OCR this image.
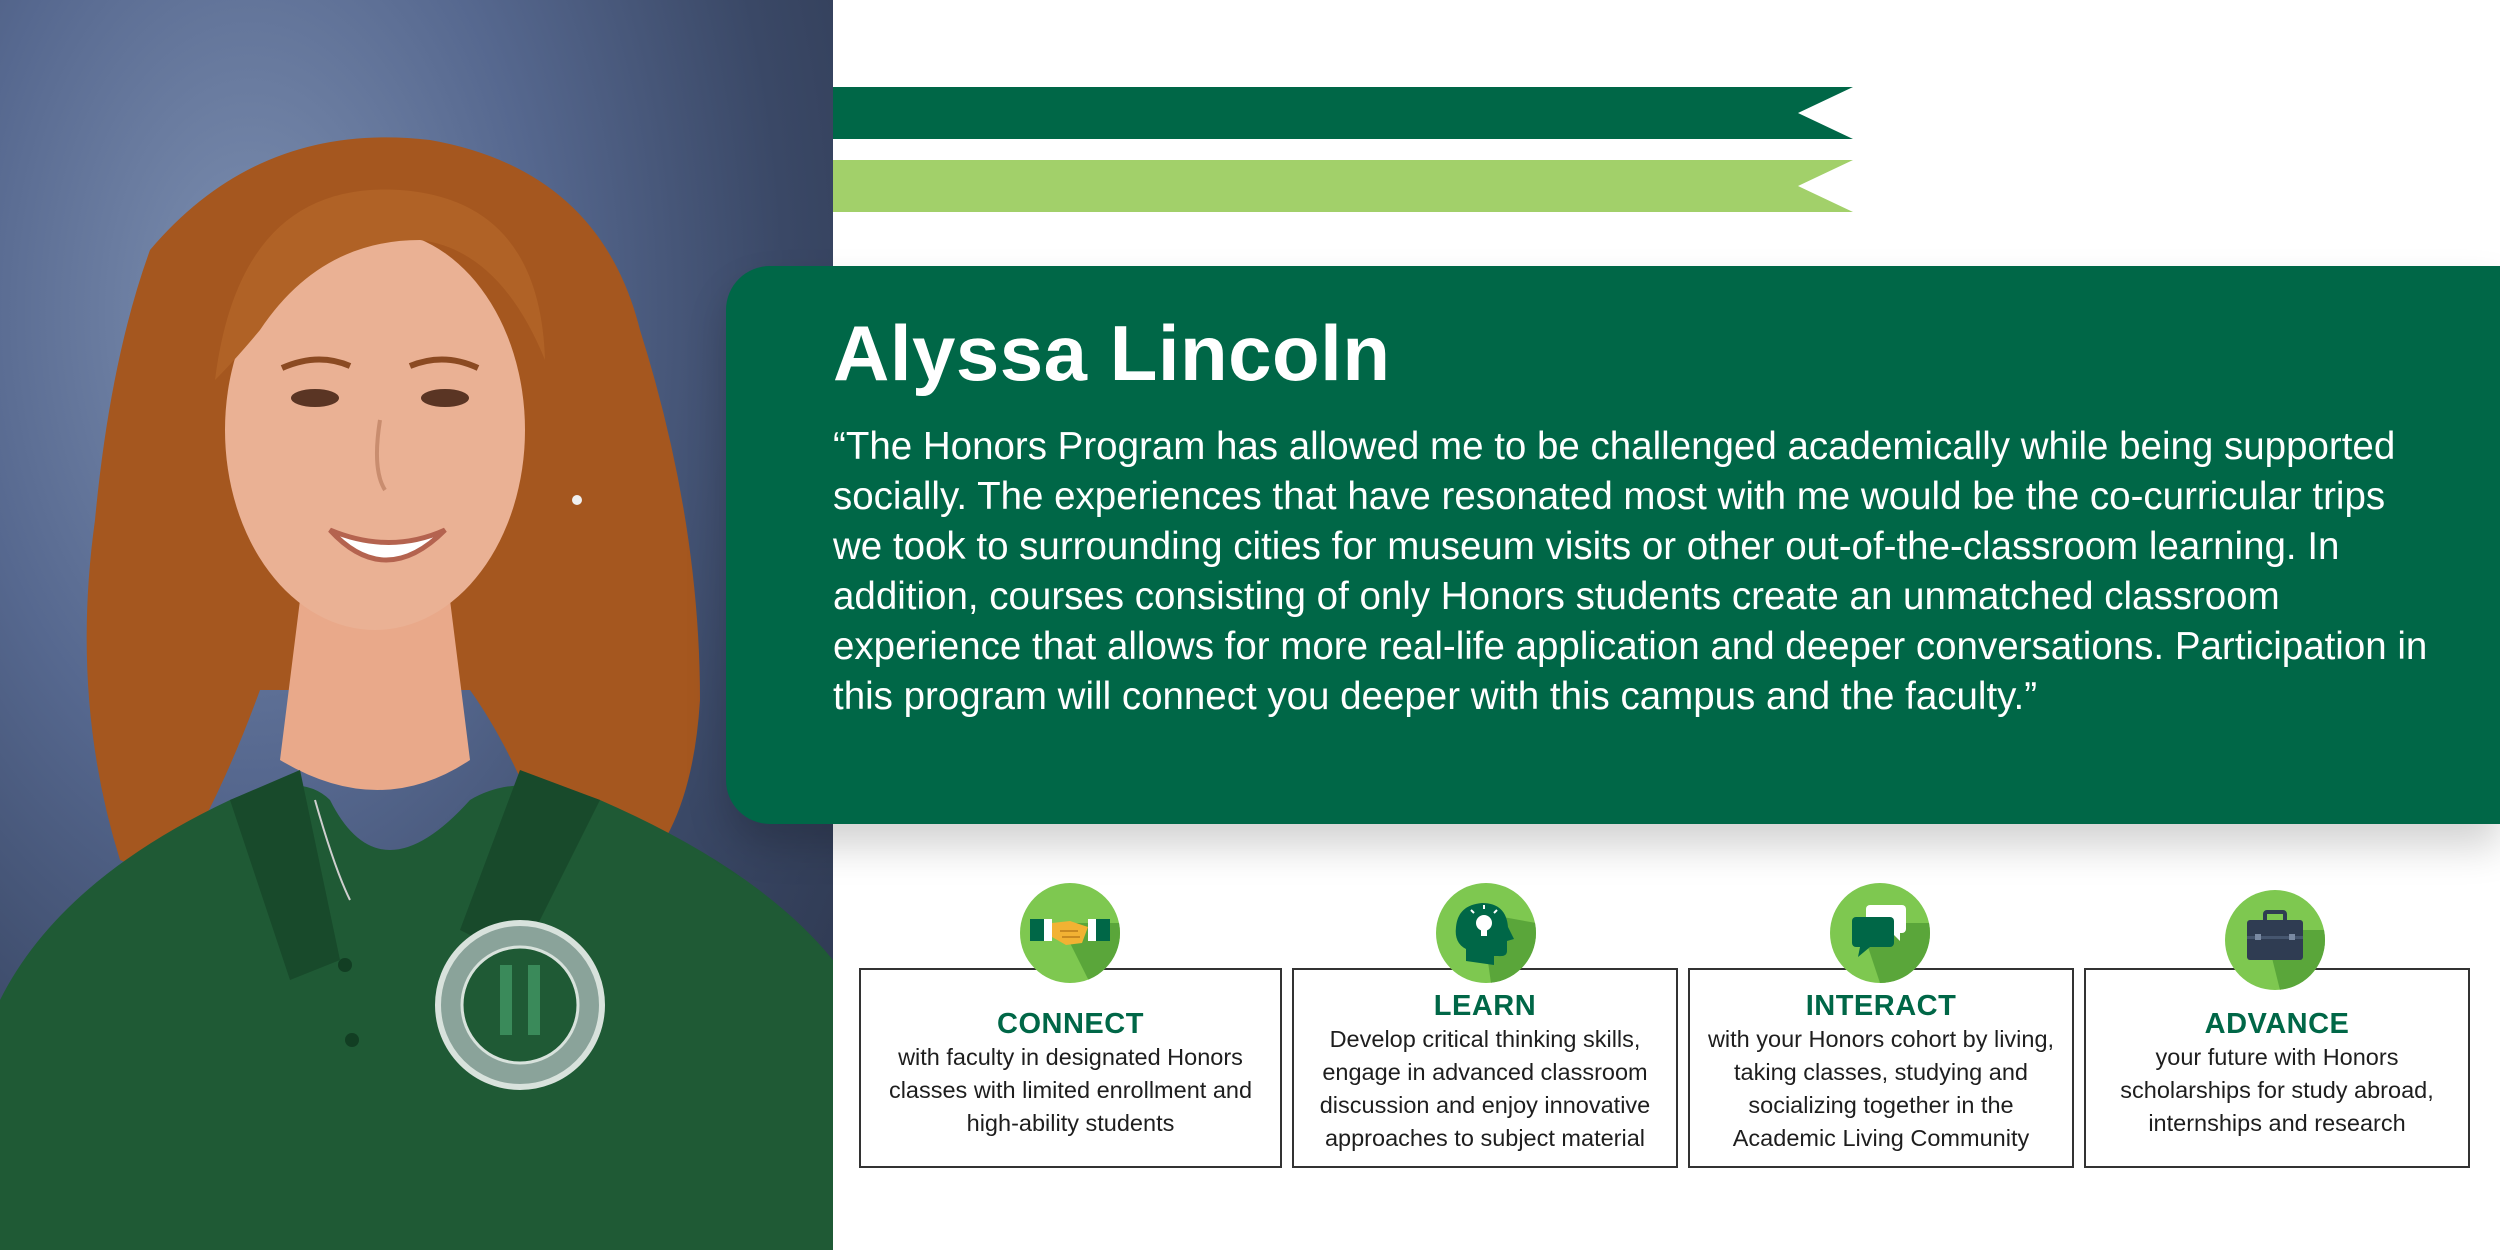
Alyssa Lincoln

“The Honors Program has allowed me to be challenged academically while being supported socially. The experiences that have resonated most with me would be the co-curricular trips we took to surrounding cities for museum visits or other out-of-the-classroom learning. In addition, courses consisting of only Honors students create an unmatched classroom experience that allows for more real-life application and deeper conversations. Participation in this program will connect you deeper with this campus and the faculty.”

CONNECT
with faculty in designated Honors classes with limited enrollment and high-ability students
LEARN
Develop critical thinking skills, engage in advanced classroom discussion and enjoy innovative approaches to subject material
INTERACT
with your Honors cohort by living, taking classes, studying and socializing together in the Academic Living Community
ADVANCE
your future with Honors scholarships for study abroad, internships and research
